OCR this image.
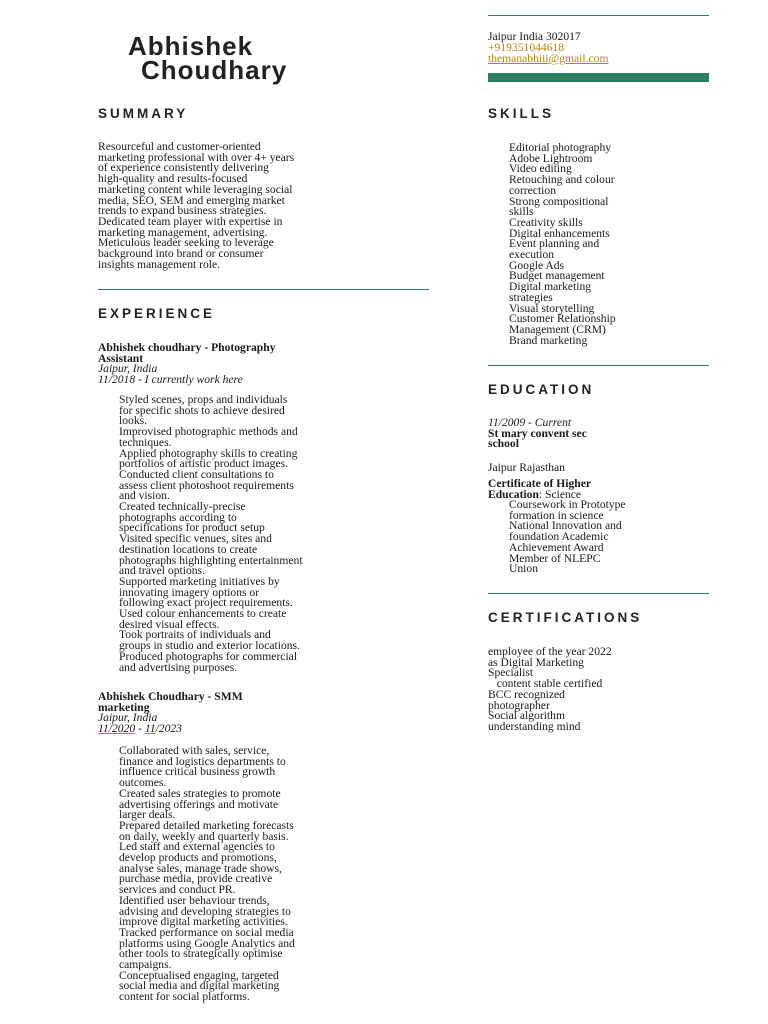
Abhishek
Choudhary
Jaipur India 302017
+919351044618
themanabhiii@gmail.com
SUMMARY
Resourceful and customer-oriented
marketing professional with over 4+ years
of experience consistently delivering
high-quality and results-focused
marketing content while leveraging social
media, SEO, SEM and emerging market
trends to expand business strategies.
Dedicated team player with expertise in
marketing management, advertising.
Meticulous leader seeking to leverage
background into brand or consumer
insights management role.
EXPERIENCE
Abhishek choudhary - Photography
Assistant
Jaipur, India
11/2018 - I currently work here
Styled scenes, props and individuals
for specific shots to achieve desired
looks.
Improvised photographic methods and
techniques.
Applied photography skills to creating
portfolios of artistic product images.
Conducted client consultations to
assess client photoshoot requirements
and vision.
Created technically-precise
photographs according to
specifications for product setup
Visited specific venues, sites and
destination locations to create
photographs highlighting entertainment
and travel options.
Supported marketing initiatives by
innovating imagery options or
following exact project requirements.
Used colour enhancements to create
desired visual effects.
Took portraits of individuals and
groups in studio and exterior locations.
Produced photographs for commercial
and advertising purposes.
Abhishek Choudhary - SMM
marketing
Jaipur, India
11/2020 - 11/2023
Collaborated with sales, service,
finance and logistics departments to
influence critical business growth
outcomes.
Created sales strategies to promote
advertising offerings and motivate
larger deals.
Prepared detailed marketing forecasts
on daily, weekly and quarterly basis.
Led staff and external agencies to
develop products and promotions,
analyse sales, manage trade shows,
purchase media, provide creative
services and conduct PR.
Identified user behaviour trends,
advising and developing strategies to
improve digital marketing activities.
Tracked performance on social media
platforms using Google Analytics and
other tools to strategically optimise
campaigns.
Conceptualised engaging, targeted
social media and digital marketing
content for social platforms.
SKILLS
Editorial photography
Adobe Lightroom
Video editing
Retouching and colour
correction
Strong compositional
skills
Creativity skills
Digital enhancements
Event planning and
execution
Google Ads
Budget management
Digital marketing
strategies
Visual storytelling
Customer Relationship
Management (CRM)
Brand marketing
EDUCATION
11/2009 - Current
St mary convent sec
school
Jaipur Rajasthan
Certificate of Higher
Education: Science
Coursework in Prototype
formation in science
National Innovation and
foundation Academic
Achievement Award
Member of NLEPC
Union
CERTIFICATIONS
employee of the year 2022
as Digital Marketing
Specialist
content stable certified
BCC recognized
photographer
Social algorithm
understanding mind
